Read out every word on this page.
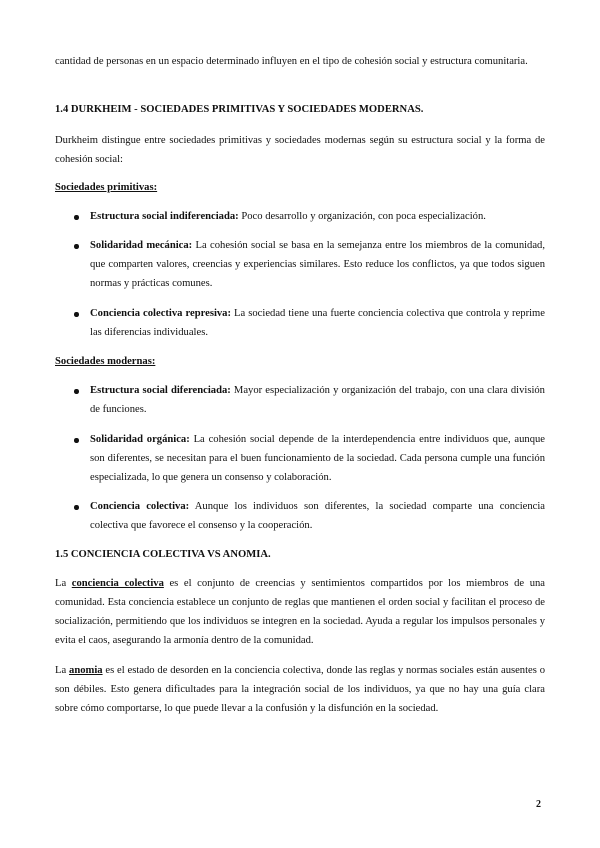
cantidad de personas en un espacio determinado influyen en el tipo de cohesión social y estructura comunitaria.

1.4 DURKHEIM - SOCIEDADES PRIMITIVAS Y SOCIEDADES MODERNAS.

Durkheim distingue entre sociedades primitivas y sociedades modernas según su estructura social y la forma de cohesión social:

Sociedades primitivas:

Estructura social indiferenciada: Poco desarrollo y organización, con poca especialización.

Solidaridad mecánica: La cohesión social se basa en la semejanza entre los miembros de la comunidad, que comparten valores, creencias y experiencias similares. Esto reduce los conflictos, ya que todos siguen normas y prácticas comunes.

Conciencia colectiva represiva: La sociedad tiene una fuerte conciencia colectiva que controla y reprime las diferencias individuales.

Sociedades modernas:

Estructura social diferenciada: Mayor especialización y organización del trabajo, con una clara división de funciones.

Solidaridad orgánica: La cohesión social depende de la interdependencia entre individuos que, aunque son diferentes, se necesitan para el buen funcionamiento de la sociedad. Cada persona cumple una función especializada, lo que genera un consenso y colaboración.

Conciencia colectiva: Aunque los individuos son diferentes, la sociedad comparte una conciencia colectiva que favorece el consenso y la cooperación.

1.5 CONCIENCIA COLECTIVA VS ANOMIA.

La conciencia colectiva es el conjunto de creencias y sentimientos compartidos por los miembros de una comunidad. Esta conciencia establece un conjunto de reglas que mantienen el orden social y facilitan el proceso de socialización, permitiendo que los individuos se integren en la sociedad. Ayuda a regular los impulsos personales y evita el caos, asegurando la armonía dentro de la comunidad.

La anomia es el estado de desorden en la conciencia colectiva, donde las reglas y normas sociales están ausentes o son débiles. Esto genera dificultades para la integración social de los individuos, ya que no hay una guía clara sobre cómo comportarse, lo que puede llevar a la confusión y la disfunción en la sociedad.

2
